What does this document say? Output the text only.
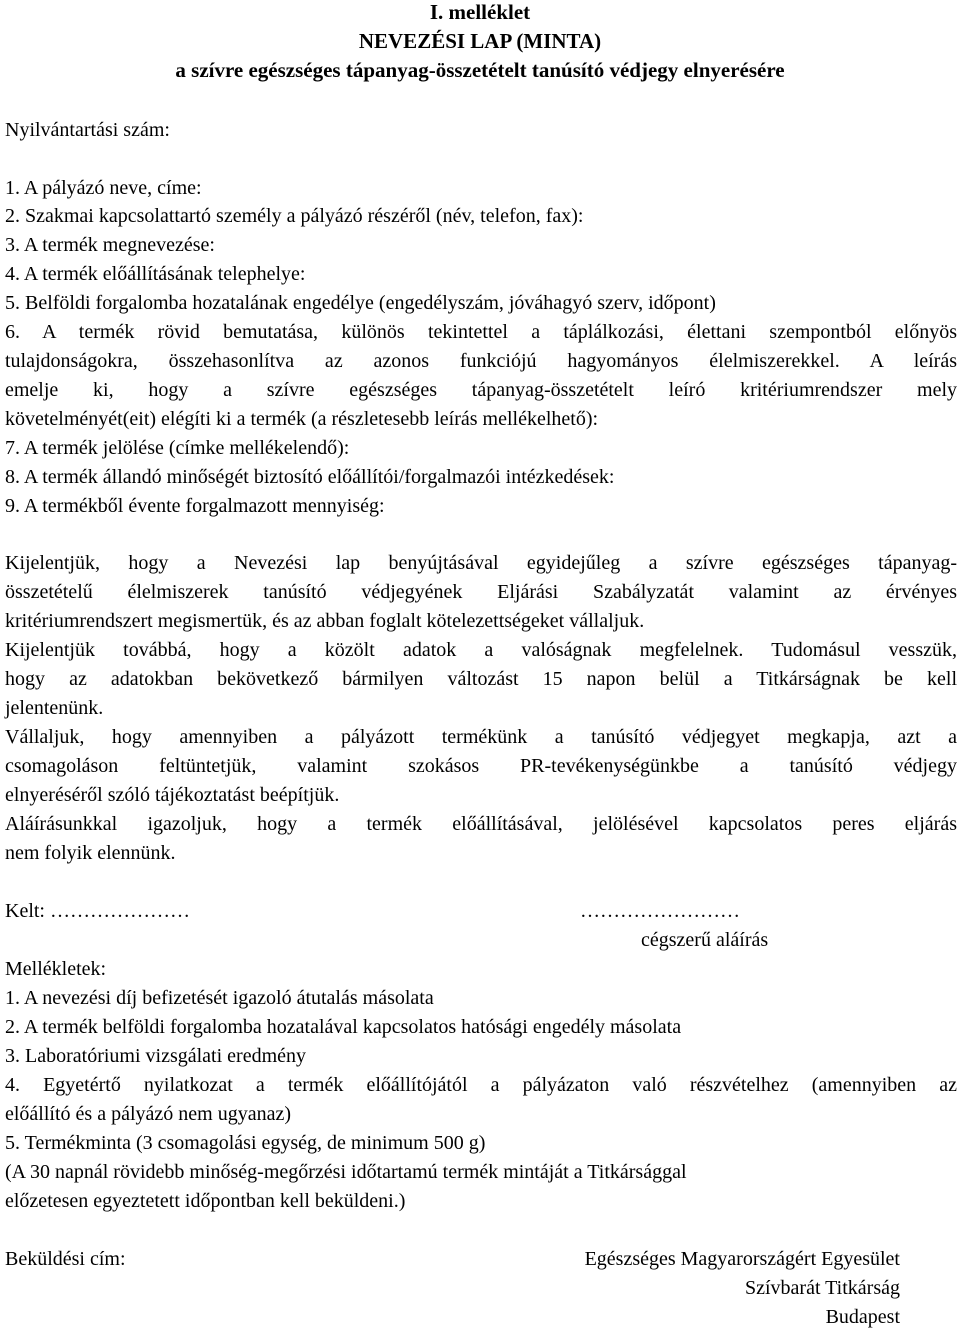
I. melléklet
NEVEZÉSI LAP (MINTA)
a szívre egészséges tápanyag-összetételt tanúsító védjegy elnyerésére
Nyilvántartási szám:
1. A pályázó neve, címe:
2. Szakmai kapcsolattartó személy a pályázó részéről (név, telefon, fax):
3. A termék megnevezése:
4. A termék előállításának telephelye:
5. Belföldi forgalomba hozatalának engedélye (engedélyszám, jóváhagyó szerv, időpont)
6. A termék rövid bemutatása, különös tekintettel a táplálkozási, élettani szempontból előnyös
tulajdonságokra, összehasonlítva az azonos funkciójú hagyományos élelmiszerekkel. A leírás
emelje ki, hogy a szívre egészséges tápanyag-összetételt leíró kritériumrendszer mely
követelményét(eit) elégíti ki a termék (a részletesebb leírás mellékelhető):
7. A termék jelölése (címke mellékelendő):
8. A termék állandó minőségét biztosító előállítói/forgalmazói intézkedések:
9. A termékből évente forgalmazott mennyiség:
Kijelentjük, hogy a Nevezési lap benyújtásával egyidejűleg a szívre egészséges tápanyag-
összetételű élelmiszerek tanúsító védjegyének Eljárási Szabályzatát valamint az érvényes
kritériumrendszert megismertük, és az abban foglalt kötelezettségeket vállaljuk.
Kijelentjük továbbá, hogy a közölt adatok a valóságnak megfelelnek. Tudomásul vesszük,
hogy az adatokban bekövetkező bármilyen változást 15 napon belül a Titkárságnak be kell
jelentenünk.
Vállaljuk, hogy amennyiben a pályázott termékünk a tanúsító védjegyet megkapja, azt a
csomagoláson feltüntetjük, valamint szokásos PR-tevékenységünkbe a tanúsító védjegy
elnyeréséről szóló tájékoztatást beépítjük.
Aláírásunkkal igazoljuk, hogy a termék előállításával, jelölésével kapcsolatos peres eljárás
nem folyik elennünk.
Kelt: …………………	……………………
cégszerű aláírás
Mellékletek:
1. A nevezési díj befizetését igazoló átutalás másolata
2. A termék belföldi forgalomba hozatalával kapcsolatos hatósági engedély másolata
3. Laboratóriumi vizsgálati eredmény
4. Egyetértő nyilatkozat a termék előállítójától a pályázaton való részvételhez (amennyiben az
előállító és a pályázó nem ugyanaz)
5. Termékminta (3 csomagolási egység, de minimum 500 g)
(A 30 napnál rövidebb minőség-megőrzési időtartamú termék mintáját a Titkársággal
előzetesen egyeztetett időpontban kell beküldeni.)
Beküldési cím:	Egészséges Magyarországért Egyesület
Szívbarát Titkárság
Budapest
